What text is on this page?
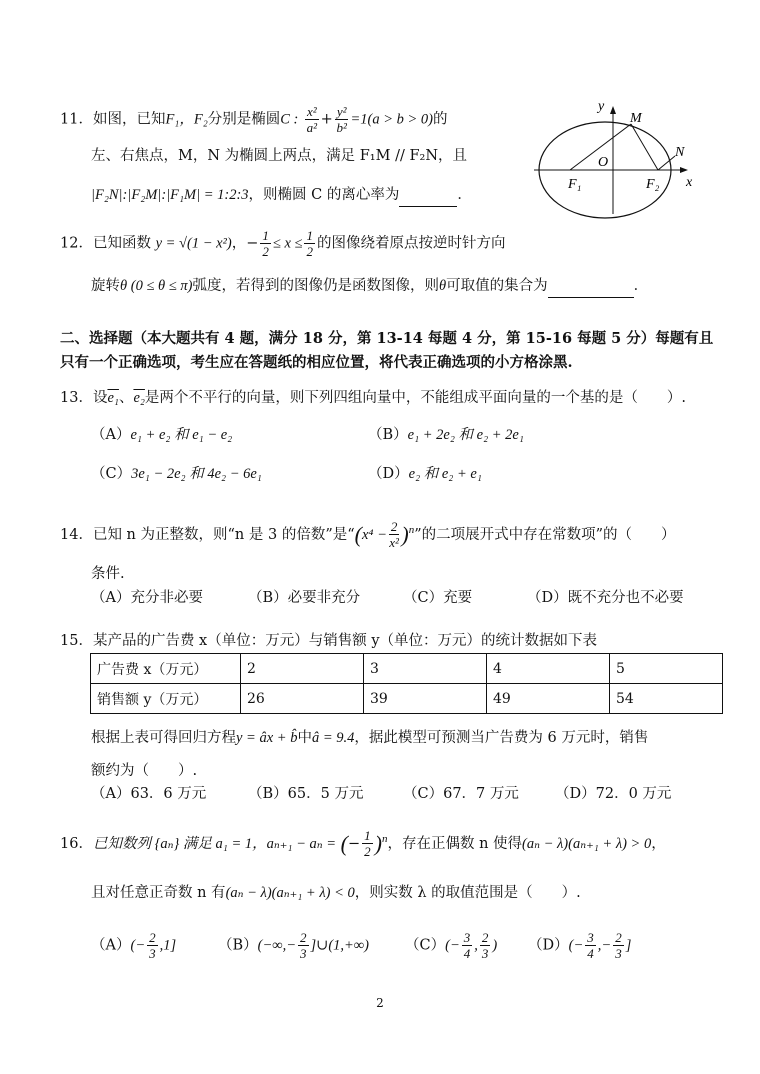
11．如图，已知F₁，F₂分别是椭圆C : $\frac{\text{x²}}{\text{a²}} + \frac{\text{y²}}{\text{b²}} =1(a > b > 0)$的
左、右焦点，M，N 为椭圆上两点，满足 F₁M // F₂N，且
|F₂N|:|F₂M|:|F₁M| = 1:2:3，则椭圆 C 的离心率为	．
y
M
N
O
F₁	F₂ x
12．已知函数 y = √(1 − x²)，− $\frac{1}{2} \le x \le \frac{1}{2}$ 的图像绕着原点按逆时针方向
旋转θ (0 ≤ θ ≤ π)弧度，若得到的图像仍是函数图像，则θ可取值的集合为	．
二、选择题（本大题共有 4 题，满分 18 分，第 13-14 每题 4 分，第 15-16 每题 5 分）每题有且
只有一个正确选项，考生应在答题纸的相应位置，将代表正确选项的小方格涂黑.
13．设e₁、e₂是两个不平行的向量，则下列四组向量中，不能组成平面向量的一个基的是（　　）.
（A）e₁ + e₂ 和 e₁ − e₂	（B）e₁ + 2e₂ 和 e₂ + 2e₁
（C）3e₁ − 2e₂ 和 4e₂ − 6e₁	（D）e₂ 和 e₂ + e₁
14．已知 n 为正整数，则“n 是 3 的倍数”是“$(x^4 - \frac{2}{\text{x²}} )^n$”的二项展开式中存在常数项”的（　　）
条件.
（A）充分非必要	（B）必要非充分	（C）充要	（D）既不充分也不必要
15．某产品的广告费 x（单位：万元）与销售额 y（单位：万元）的统计数据如下表
广告费 x（万元）	2	3	4	5
销售额 y（万元）	26	39	49	54
根据上表可得回归方程y = âx + b̂中â = 9.4，据此模型可预测当广告费为 6 万元时，销售
额约为（　　）.
（A）63．6 万元	（B）65．5 万元	（C）67．7 万元 （D）72．0 万元
16．已知数列 {aₙ} 满足 a₁ = 1，aₙ₊₁ − aₙ = (− $\frac{1}{2} )^n$，存在正偶数 n 使得(aₙ − λ)(aₙ₊₁ + λ) > 0，
且对任意正奇数 n 有(aₙ − λ)(aₙ₊₁ + λ) < 0，则实数 λ 的取值范围是（　　）.
$(A)(- \frac{2}{3} ,1]$	$(B)(-\infty,- \frac{2}{3}$ ]∪(1,+∞) $(C)(- \frac{3}{4}$ , $\frac{2}{3}$ ) $(D)(- \frac{3}{4}$ ,− $\frac{2}{3}$ ]
2
